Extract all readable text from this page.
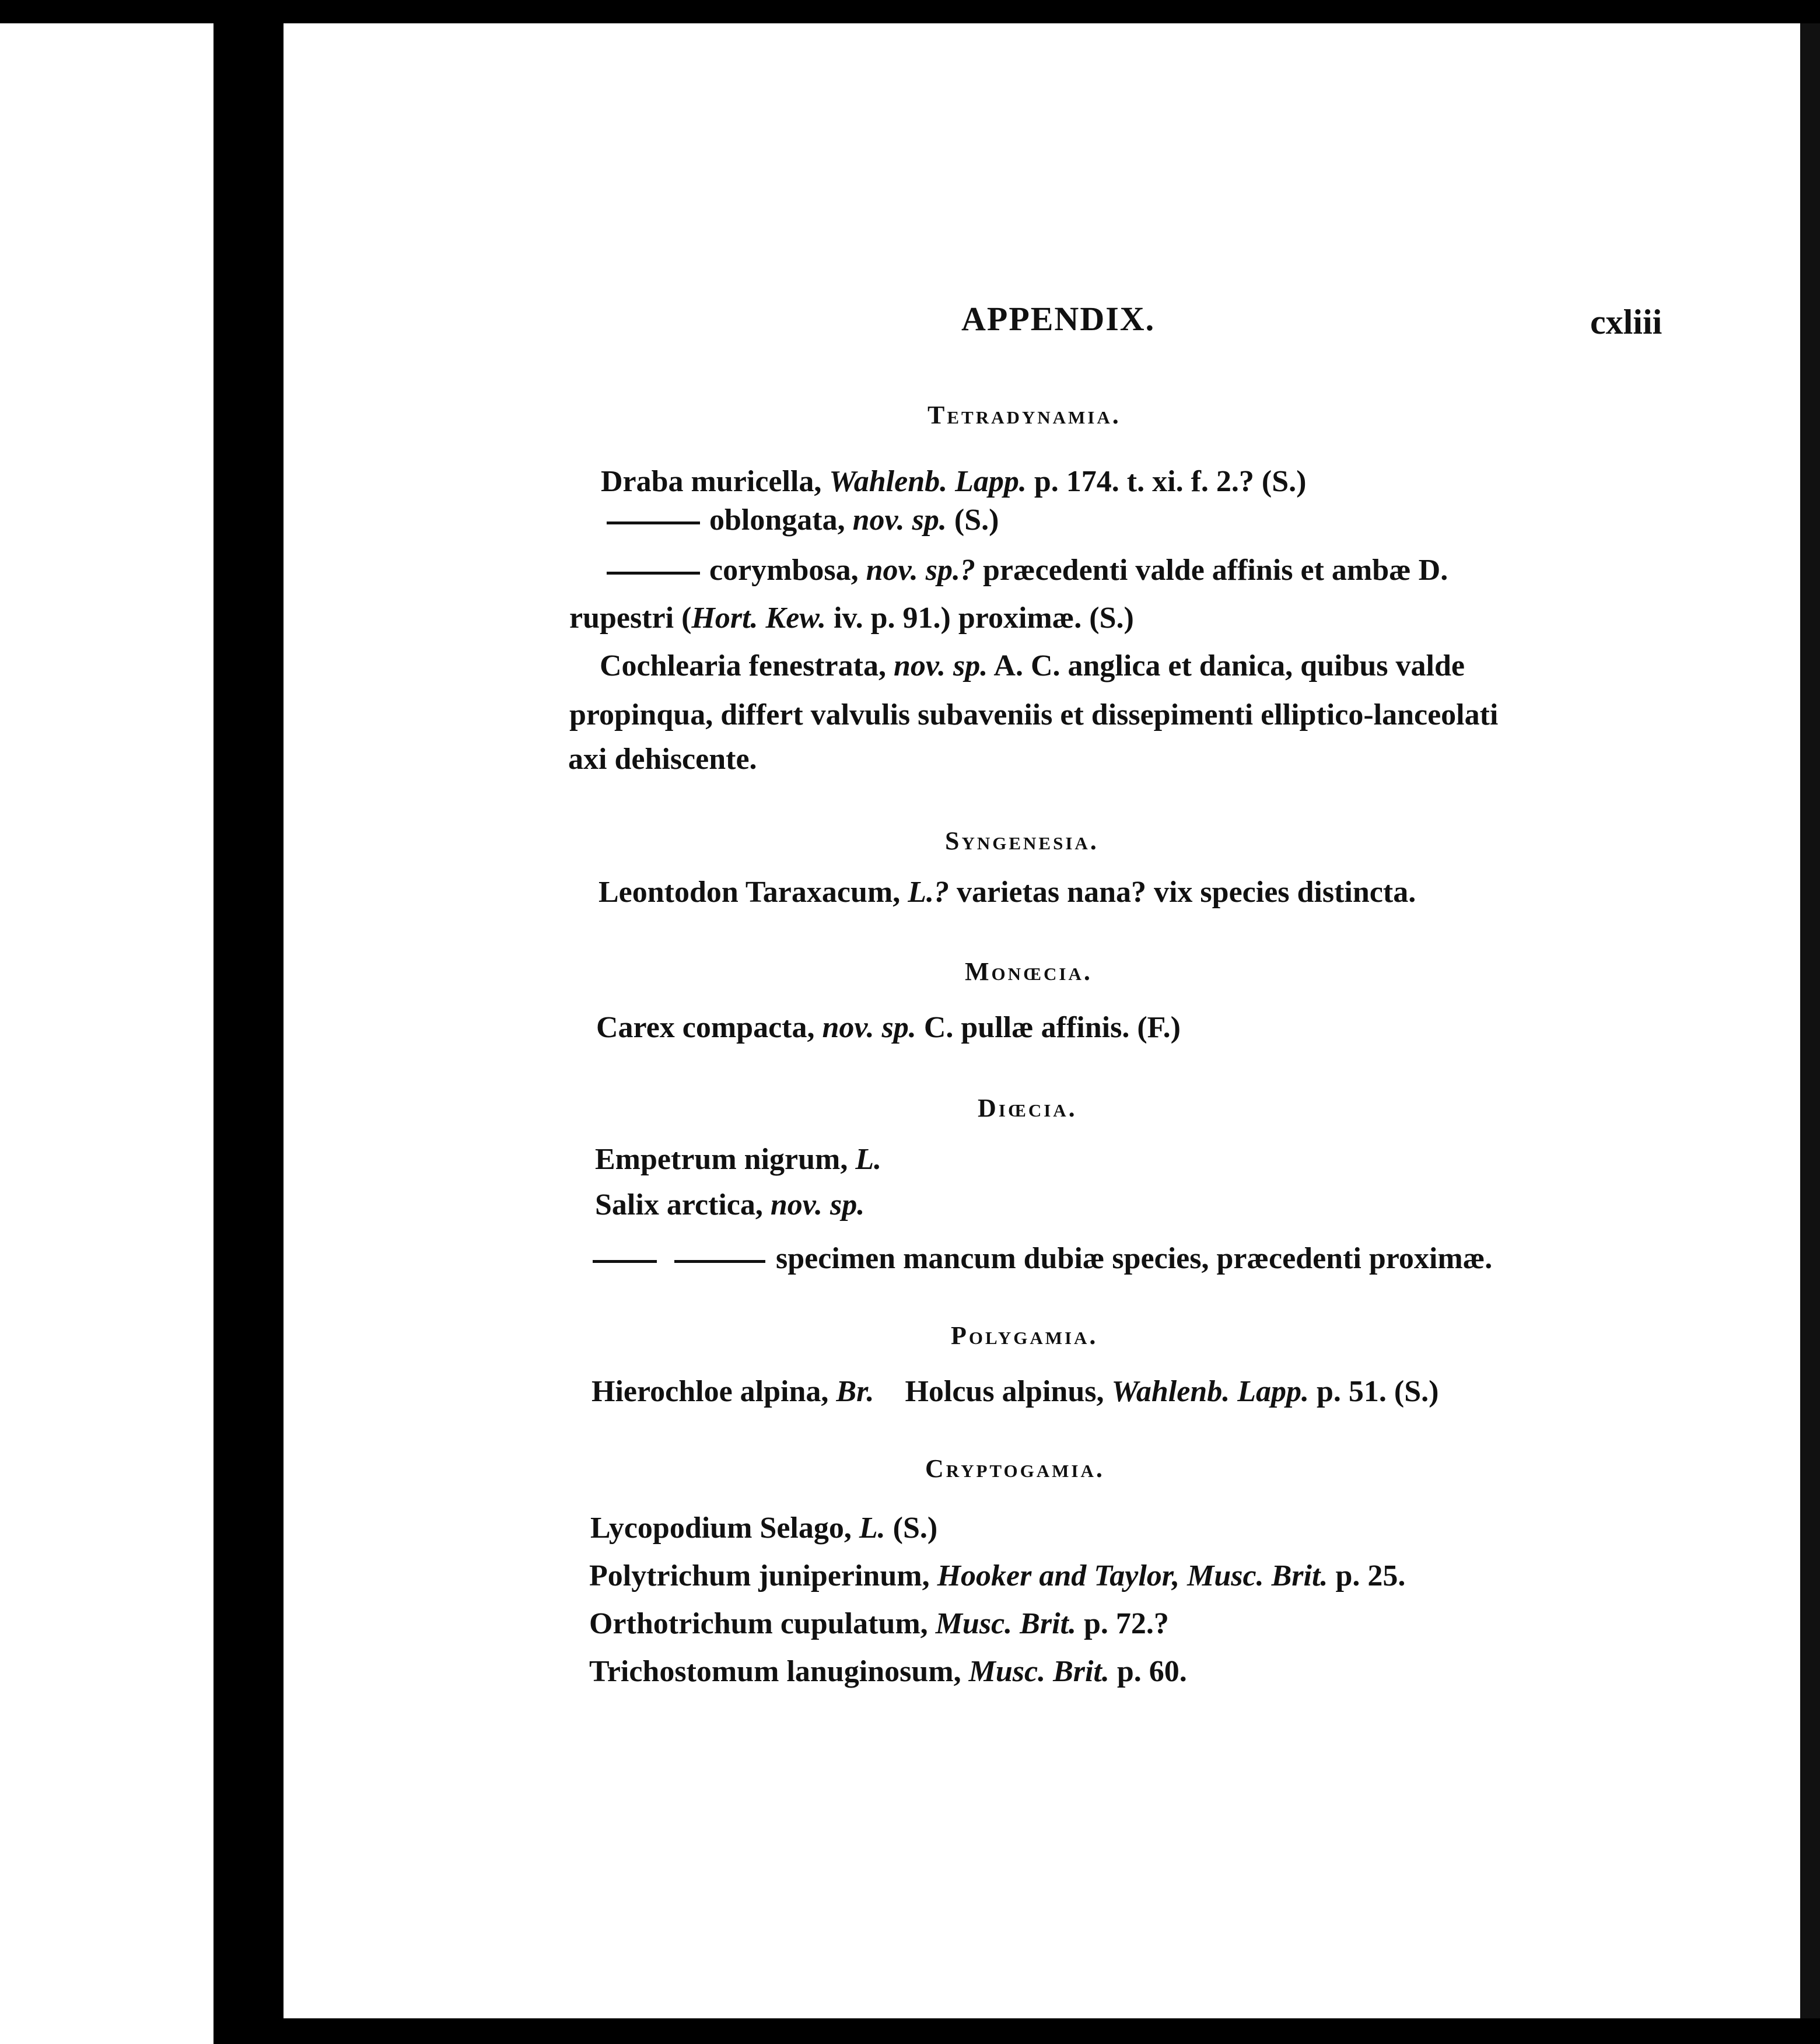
APPENDIX.	cxliii
Tetradynamia.
Draba muricella, Wahlenb. Lapp. p. 174. t. xi. f. 2.? (S.)
oblongata, nov. sp. (S.)
corymbosa, nov. sp.? præcedenti valde affinis et ambæ D.
rupestri (Hort. Kew. iv. p. 91.) proximæ. (S.)
Cochlearia fenestrata, nov. sp. A. C. anglica et danica, quibus valde
propinqua, differt valvulis subaveniis et dissepimenti elliptico-lanceolati
axi dehiscente.
Syngenesia.
Leontodon Taraxacum, L.? varietas nana? vix species distincta.
Monœcia.
Carex compacta, nov. sp. C. pullæ affinis. (F.)
Diœcia.
Empetrum nigrum, L.
Salix arctica, nov. sp.
specimen mancum dubiæ species, præcedenti proximæ.
Polygamia.
Hierochloe alpina, Br. Holcus alpinus, Wahlenb. Lapp. p. 51. (S.)
Cryptogamia.
Lycopodium Selago, L. (S.)
Polytrichum juniperinum, Hooker and Taylor, Musc. Brit. p. 25.
Orthotrichum cupulatum, Musc. Brit. p. 72.?
Trichostomum lanuginosum, Musc. Brit. p. 60.
